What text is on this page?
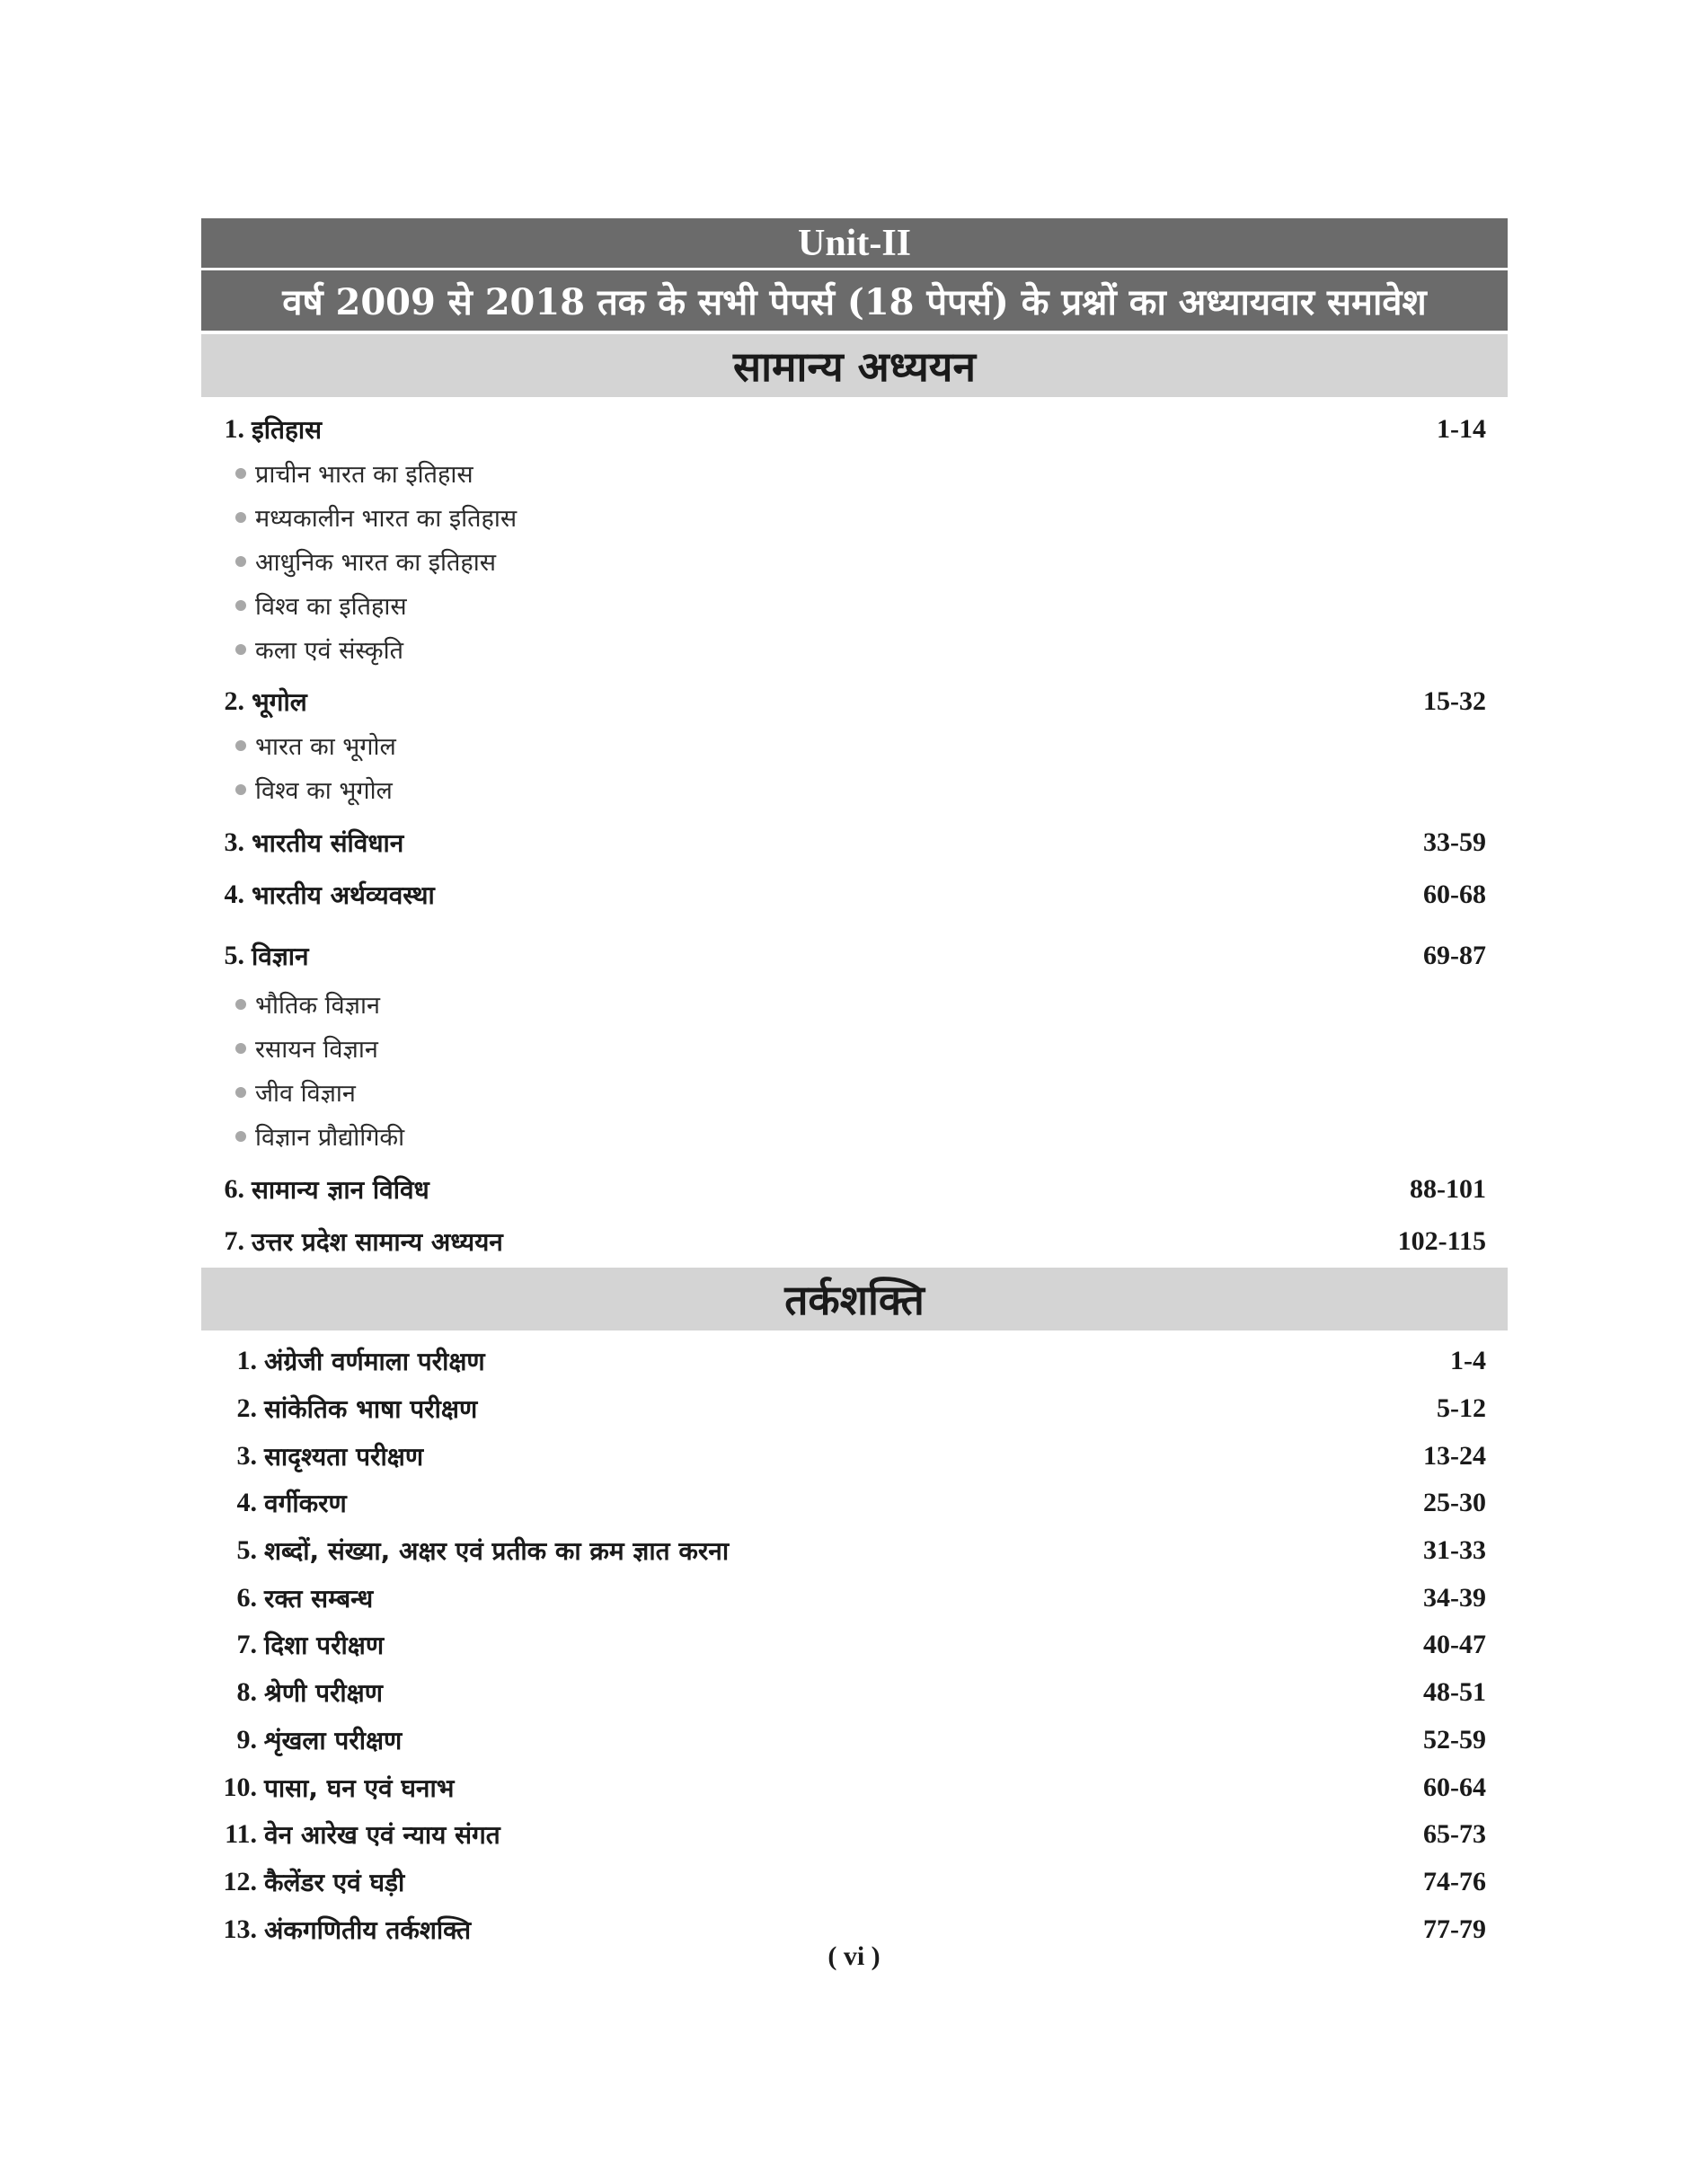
Unit-II
वर्ष 2009 से 2018 तक के सभी पेपर्स (18 पेपर्स) के प्रश्नों का अध्यायवार समावेश
सामान्य अध्ययन
1. इतिहास	1-14
प्राचीन भारत का इतिहास
मध्यकालीन भारत का इतिहास
आधुनिक भारत का इतिहास
विश्व का इतिहास
कला एवं संस्कृति
2. भूगोल	15-32
भारत का भूगोल
विश्व का भूगोल
3. भारतीय संविधान	33-59
4. भारतीय अर्थव्यवस्था	60-68
5. विज्ञान	69-87
भौतिक विज्ञान
रसायन विज्ञान
जीव विज्ञान
विज्ञान प्रौद्योगिकी
6. सामान्य ज्ञान विविध	88-101
7. उत्तर प्रदेश सामान्य अध्ययन	102-115
तर्कशक्ति
1. अंग्रेजी वर्णमाला परीक्षण	1-4
2. सांकेतिक भाषा परीक्षण	5-12
3. सादृश्यता परीक्षण	13-24
4. वर्गीकरण	25-30
5. शब्दों, संख्या, अक्षर एवं प्रतीक का क्रम ज्ञात करना	31-33
6. रक्त सम्बन्ध	34-39
7. दिशा परीक्षण	40-47
8. श्रेणी परीक्षण	48-51
9. शृंखला परीक्षण	52-59
10. पासा, घन एवं घनाभ	60-64
11. वेन आरेख एवं न्याय संगत	65-73
12. कैलेंडर एवं घड़ी	74-76
13. अंकगणितीय तर्कशक्ति	77-79
( vi )
